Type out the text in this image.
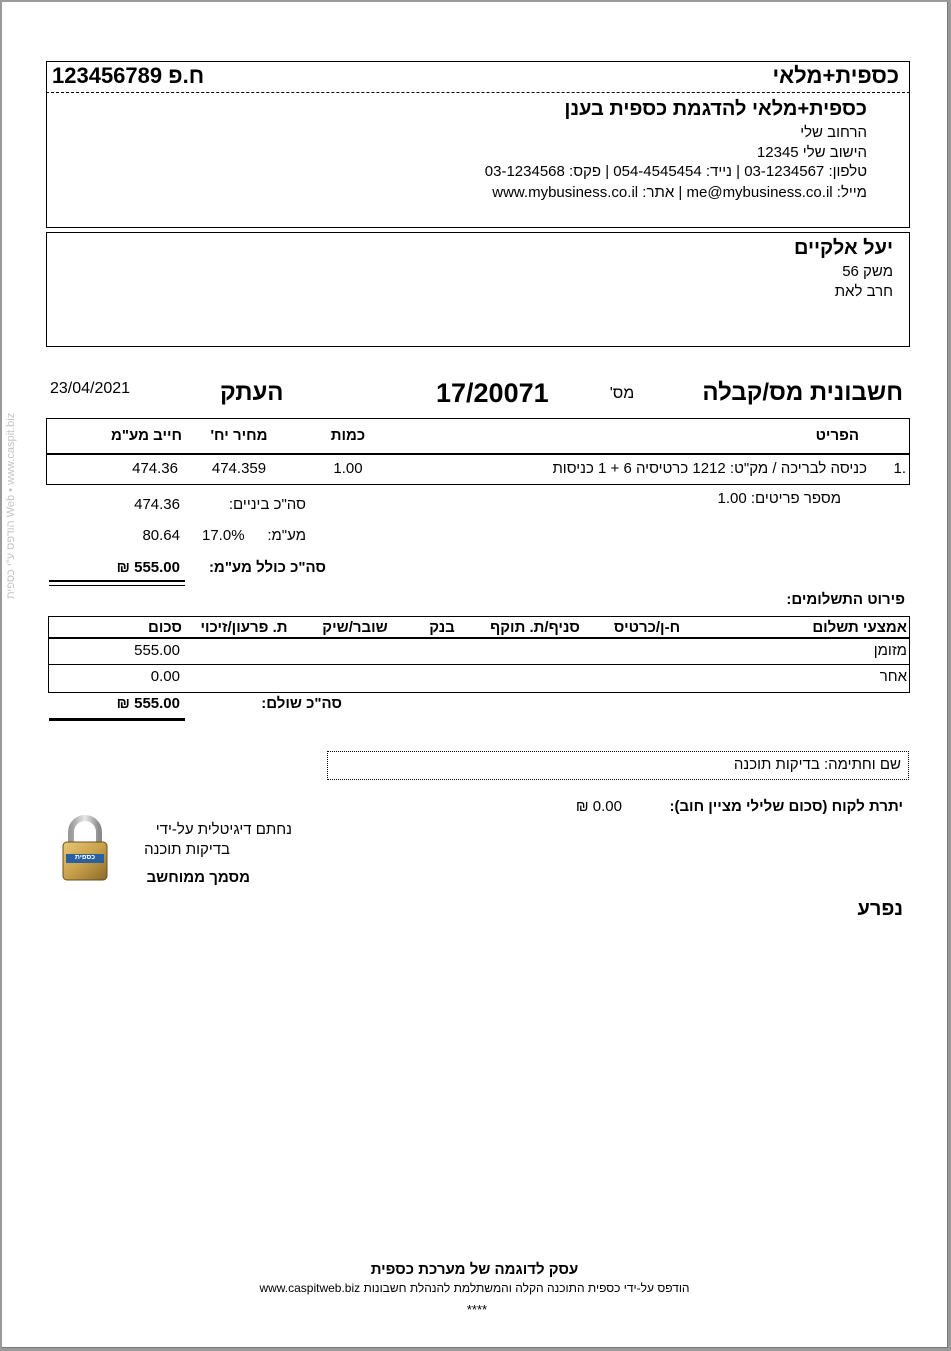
הודפס ע"י כספית Web • www.caspit.biz
כספית+מלאי
ח.פ 123456789
כספית+מלאי להדגמת כספית בענן
הרחוב שלי
הישוב שלי 12345
טלפון: 03-1234567 | נייד: 054-4545454 | פקס: 03-1234568
מייל: me@mybusiness.co.il | אתר: www.mybusiness.co.il
יעל אלקיים
משק 56
חרב לאת
חשבונית מס/קבלה
מס'
17/20071
העתק
23/04/2021
הפריט
כמות
מחיר יח'
חייב מע"מ
1.
כניסה לבריכה / מק"ט: 1212 כרטיסיה 6 + 1 כניסות
1.00
474.359
474.36
מספר פריטים: 1.00
סה"כ ביניים:
474.36
מע"מ:
17.0%
80.64
סה"כ כולל מע"מ:
555.00 ₪
פירוט התשלומים:
אמצעי תשלום
ח-ן/כרטיס
סניף/ת. תוקף
בנק
שובר/שיק
ת. פרעון/זיכוי
סכום
מזומן
555.00
אחר
0.00
סה"כ שולם:
555.00 ₪
שם וחתימה: בדיקות תוכנה
יתרת לקוח (סכום שלילי מציין חוב):
0.00 ₪
כספית
נחתם דיגיטלית על-ידי
בדיקות תוכנה
מסמך ממוחשב
נפרע
עסק לדוגמה של מערכת כספית
הודפס על-ידי כספית התוכנה הקלה והמשתלמת להנהלת חשבונות www.caspitweb.biz
****
